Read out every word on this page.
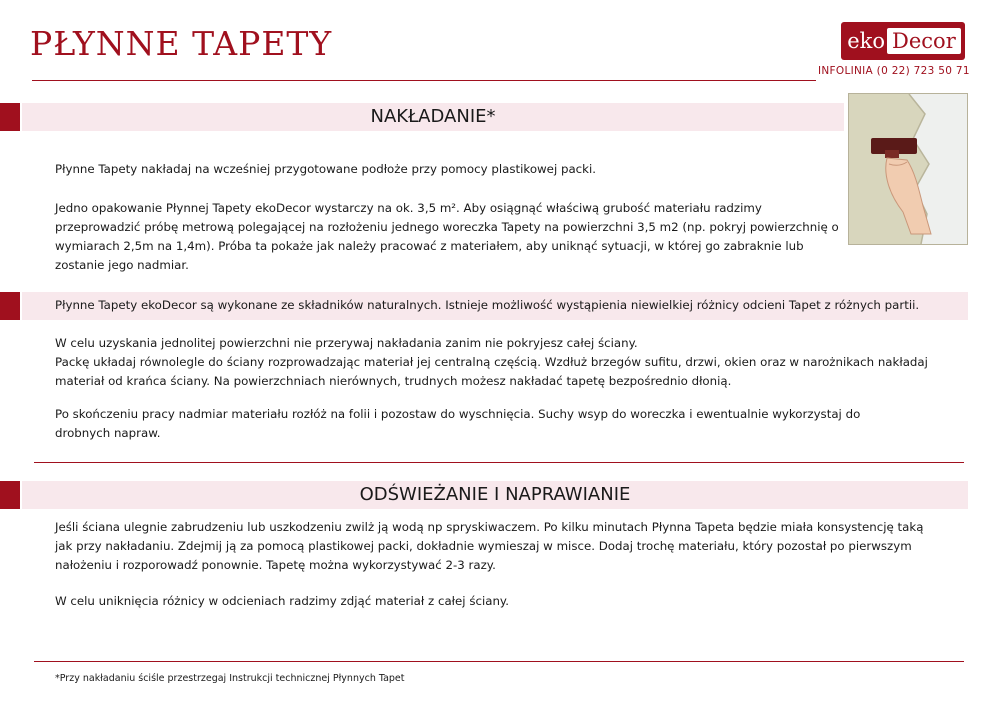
PŁYNNE TAPETY	eko Decor
INFOLINIA (0 22) 723 50 71
NAKŁADANIE*
Płynne Tapety nakładaj na wcześniej przygotowane podłoże przy pomocy plastikowej packi.
Jedno opakowanie Płynnej Tapety ekoDecor wystarczy na ok. 3,5 m². Aby osiągnąć właściwą grubość materiału radzimy przeprowadzić próbę metrową polegającej na rozłożeniu jednego woreczka Tapety na powierzchni 3,5 m2 (np. pokryj powierzchnię o wymiarach 2,5m na 1,4m). Próba ta pokaże jak należy pracować z materiałem, aby uniknąć sytuacji, w której go zabraknie lub zostanie jego nadmiar.
Płynne Tapety ekoDecor są wykonane ze składników naturalnych. Istnieje możliwość wystąpienia niewielkiej różnicy odcieni Tapet z różnych partii.
W celu uzyskania jednolitej powierzchni nie przerywaj nakładania zanim nie pokryjesz całej ściany.
Packę układaj równolegle do ściany rozprowadzając materiał jej centralną częścią. Wzdłuż brzegów sufitu, drzwi, okien oraz w narożnikach nakładaj materiał od krańca ściany. Na powierzchniach nierównych, trudnych możesz nakładać tapetę bezpośrednio dłonią.
Po skończeniu pracy nadmiar materiału rozłóż na folii i pozostaw do wyschnięcia. Suchy wsyp do woreczka i ewentualnie wykorzystaj do drobnych napraw.
ODŚWIEŻANIE I NAPRAWIANIE
Jeśli ściana ulegnie zabrudzeniu lub uszkodzeniu zwilż ją wodą np spryskiwaczem. Po kilku minutach Płynna Tapeta będzie miała konsystencję taką jak przy nakładaniu. Zdejmij ją za pomocą plastikowej packi, dokładnie wymieszaj w misce. Dodaj trochę materiału, który pozostał po pierwszym nałożeniu i rozporowadź ponownie. Tapetę można wykorzystywać 2-3 razy.
W celu uniknięcia różnicy w odcieniach radzimy zdjąć materiał z całej ściany.
*Przy nakładaniu ściśle przestrzegaj Instrukcji technicznej Płynnych Tapet
